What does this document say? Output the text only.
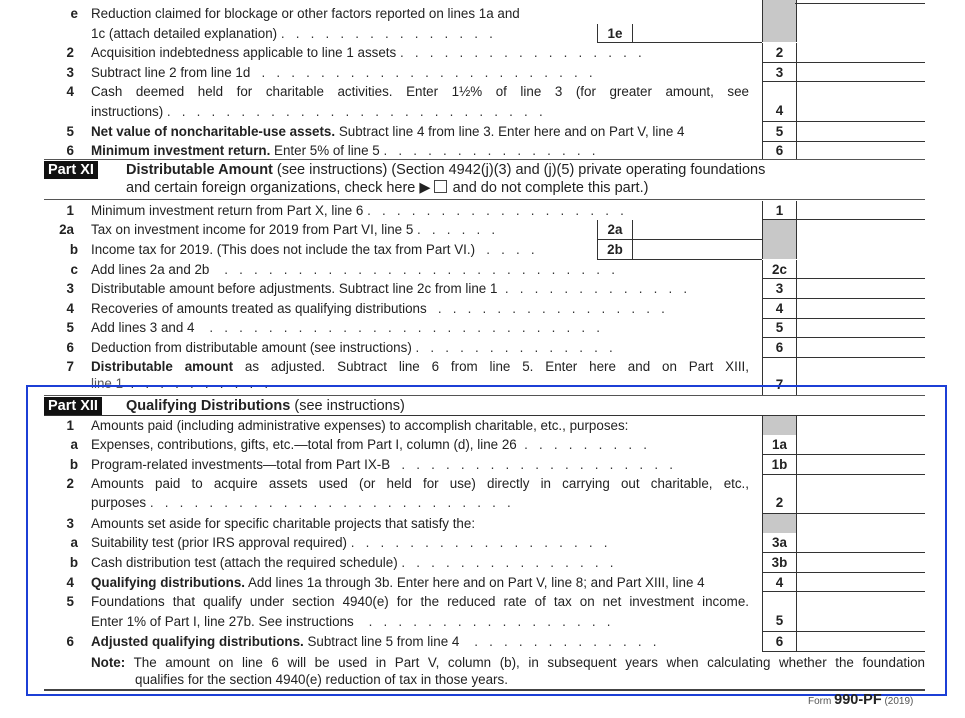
e Reduction claimed for blockage or other factors reported on lines 1a and
1c (attach detailed explanation) .   .   .   .   .   .   .   .   .   .   .   .   .   .   .	1e
2 Acquisition indebtedness applicable to line 1 assets .   .   .   .   .   .   .   .   .   .   .   .   .   .   .   .   .	2
3 Subtract line 2 from line 1d   .   .   .   .   .   .   .   .   .   .   .   .   .   .   .   .   .   .   .   .   .   .   .	3
4 Cash deemed held for charitable activities. Enter 1½% of line 3 (for greater amount, see
instructions) .   .   .   .   .   .   .   .   .   .   .   .   .   .   .   .   .   .   .   .   .   .   .   .   .   .	4
5 Net value of noncharitable-use assets. Subtract line 4 from line 3. Enter here and on Part V, line 4	5
6 Minimum investment return. Enter 5% of line 5 .   .   .   .   .   .   .   .   .   .   .   .   .   .   .	6
Part XI Distributable Amount (see instructions) (Section 4942(j)(3) and (j)(5) private operating foundations
and certain foreign organizations, check here ▶ and do not complete this part.)
1 Minimum investment return from Part X, line 6 .   .   .   .   .   .   .   .   .   .   .   .   .   .   .   .   .   .	1
2a Tax on investment income for 2019 from Part VI, line 5 .   .   .   .   .   .	2a
b Income tax for 2019. (This does not include the tax from Part VI.)   .   .   .   .	2b
c Add lines 2a and 2b    .   .   .   .   .   .   .   .   .   .   .   .   .   .   .   .   .   .   .   .   .   .   .   .   .   .   .	2c
3 Distributable amount before adjustments. Subtract line 2c from line 1  .   .   .   .   .   .   .   .   .   .   .   .   .	3
4 Recoveries of amounts treated as qualifying distributions   .   .   .   .   .   .   .   .   .   .   .   .   .   .   .   .	4
5 Add lines 3 and 4    .   .   .   .   .   .   .   .   .   .   .   .   .   .   .   .   .   .   .   .   .   .   .   .   .   .   .	5
6 Deduction from distributable amount (see instructions) .   .   .   .   .   .   .   .   .   .   .   .   .   .	6
7 Distributable amount as adjusted. Subtract line 6 from line 5. Enter here and on Part XIII,
line 1  .   .   .   .   .   .   .   .   .   .	7
Part XII Qualifying Distributions (see instructions)
1 Amounts paid (including administrative expenses) to accomplish charitable, etc., purposes:
a Expenses, contributions, gifts, etc.—total from Part I, column (d), line 26  .   .   .   .   .   .   .   .   .	1a
b Program-related investments—total from Part IX-B   .   .   .   .   .   .   .   .   .   .   .   .   .   .   .   .   .   .   .	1b
2 Amounts paid to acquire assets used (or held for use) directly in carrying out charitable, etc.,
purposes .   .   .   .   .   .   .   .   .   .   .   .   .   .   .   .   .   .   .   .   .   .   .   .   .	2
3 Amounts set aside for specific charitable projects that satisfy the:
a Suitability test (prior IRS approval required) .   .   .   .   .   .   .   .   .   .   .   .   .   .   .   .   .   .	3a
b Cash distribution test (attach the required schedule) .   .   .   .   .   .   .   .   .   .   .   .   .   .   .	3b
4 Qualifying distributions. Add lines 1a through 3b. Enter here and on Part V, line 8; and Part XIII, line 4	4
5 Foundations that qualify under section 4940(e) for the reduced rate of tax on net investment income.
Enter 1% of Part I, line 27b. See instructions    .   .   .   .   .   .   .   .   .   .   .   .   .   .   .   .   .	5
6 Adjusted qualifying distributions. Subtract line 5 from line 4    .   .   .   .   .   .   .   .   .   .   .   .   .	6
Note: The amount on line 6 will be used in Part V, column (b), in subsequent years when calculating whether the foundation
qualifies for the section 4940(e) reduction of tax in those years.
Form 990-PF (2019)
